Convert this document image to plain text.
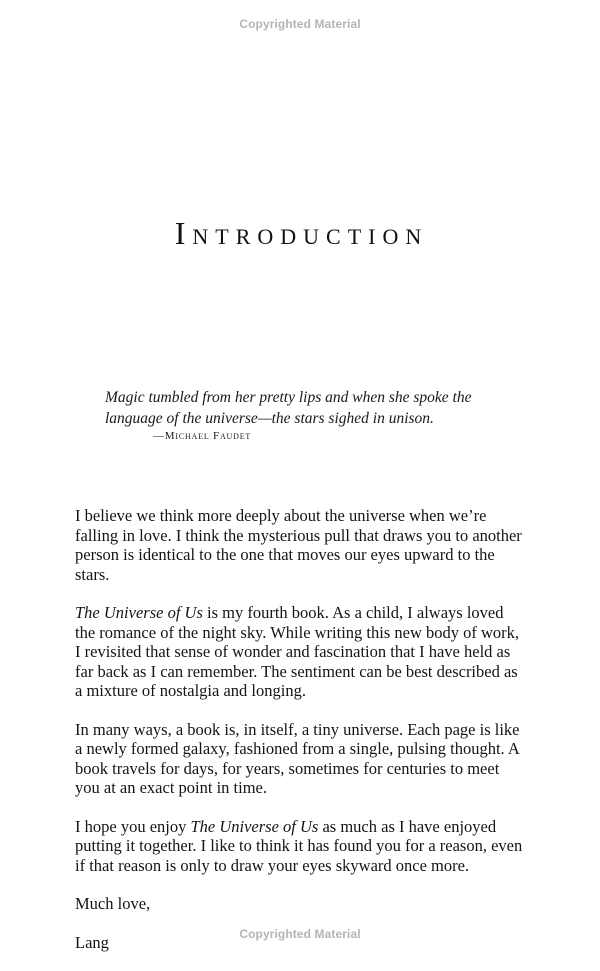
Copyrighted Material
Introduction

Magic tumbled from her pretty lips and when she spoke the

language of the universe—the stars sighed in unison.

—Michael Faudet

I believe we think more deeply about the universe when we’re falling in love. I think the mysterious pull that draws you to another person is identical to the one that moves our eyes upward to the stars.

The Universe of Us is my fourth book. As a child, I always loved the romance of the night sky. While writing this new body of work, I revisited that sense of wonder and fascination that I have held as far back as I can remember. The sentiment can be best described as a mixture of nostalgia and longing.

In many ways, a book is, in itself, a tiny universe. Each page is like a newly formed galaxy, fashioned from a single, pulsing thought. A book travels for days, for years, sometimes for centuries to meet you at an exact point in time.

I hope you enjoy The Universe of Us as much as I have enjoyed putting it together. I like to think it has found you for a reason, even if that reason is only to draw your eyes skyward once more.

Much love,

Lang	Copyrighted Material
